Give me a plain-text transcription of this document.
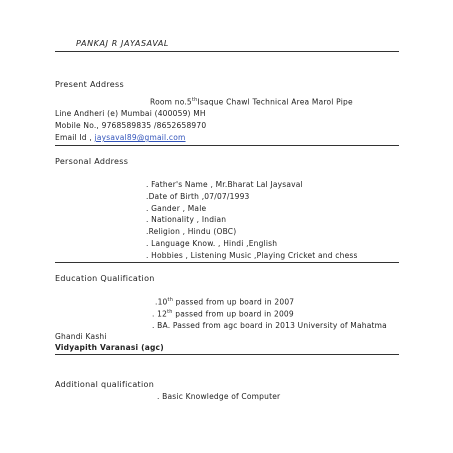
PANKAJ R JAYASAVAL
Present Address
Room no.5thIsaque Chawl Technical Area Marol Pipe
Line Andheri (e) Mumbai (400059) MH
Mobile No., 9768589835 /8652658970
Email Id , jaysaval89@gmail.com
Personal Address
. Father's Name , Mr.Bharat Lal Jaysaval
.Date of Birth ,07/07/1993
. Gander , Male
. Nationality , Indian
.Religion , Hindu (OBC)
. Language Know. , Hindi ,English
. Hobbies , Listening Music ,Playing Cricket and chess
Education Qualification
.10th passed from up board in 2007
. 12th passed from up board in 2009
. BA. Passed from agc board in 2013 University of Mahatma
Ghandi Kashi
Vidyapith Varanasi (agc)
Additional qualification
. Basic Knowledge of Computer
